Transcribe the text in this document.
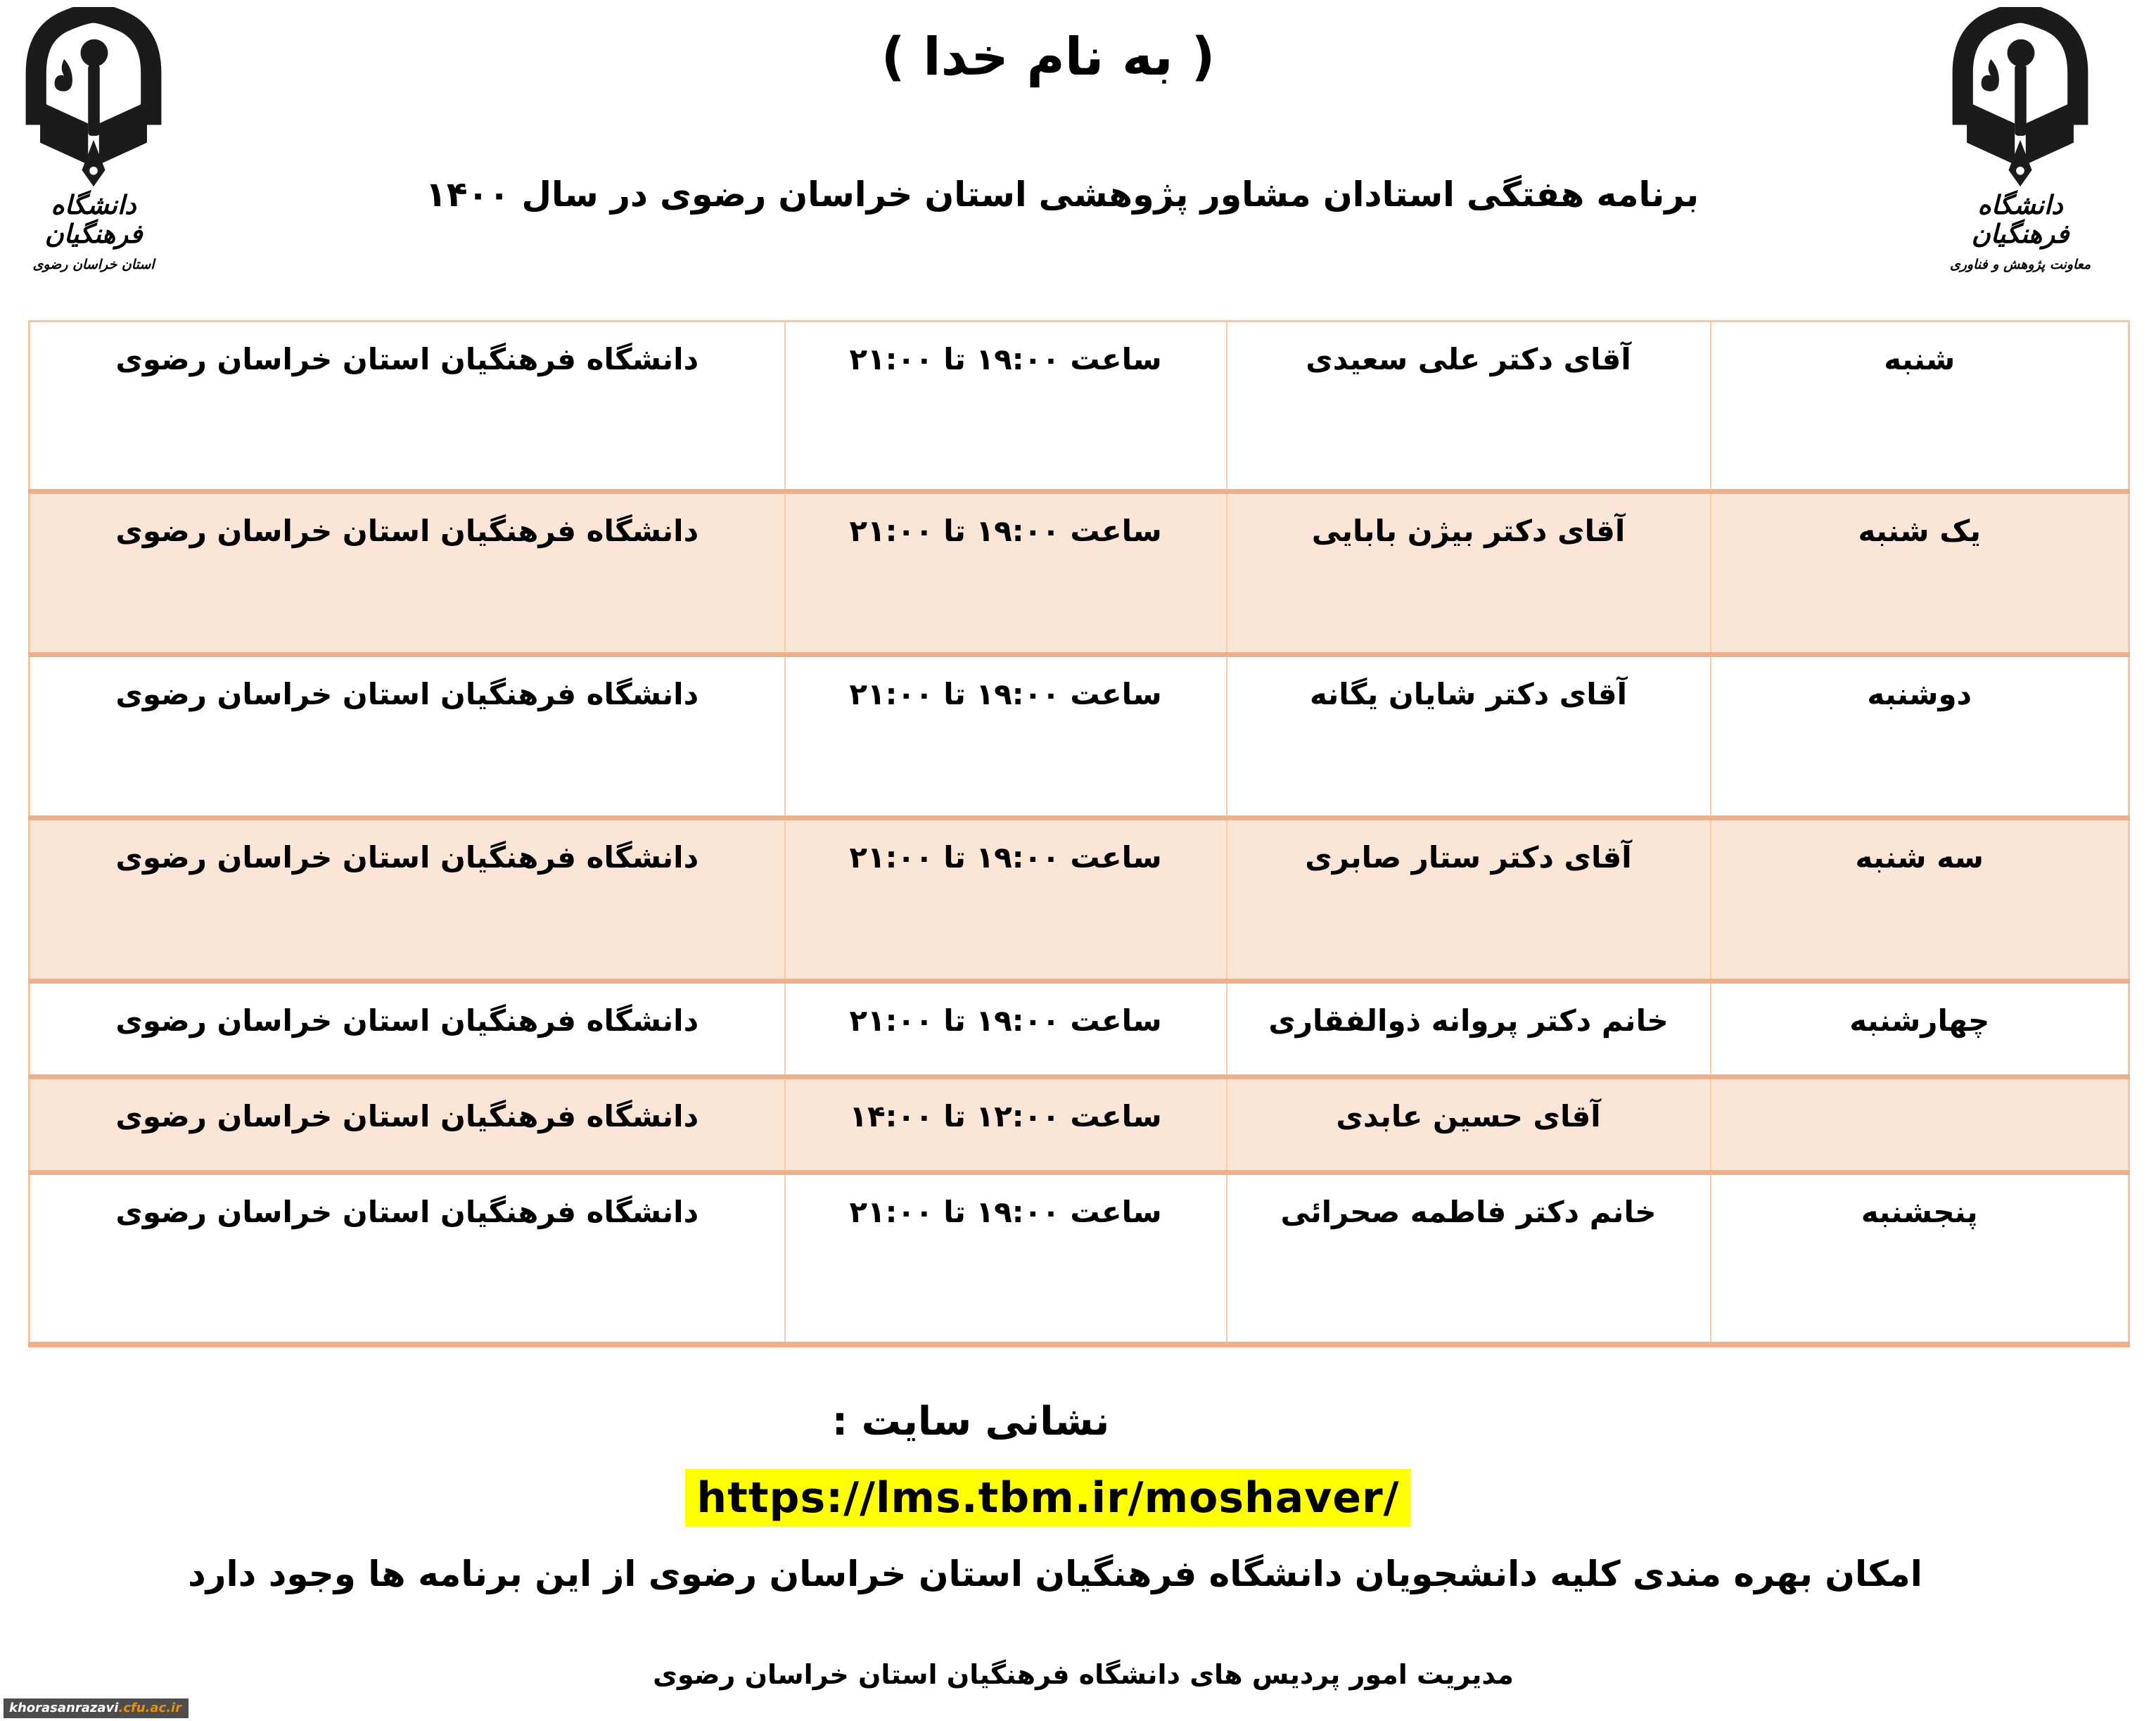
دانشگاه فرهنگیان
استان خراسان رضوی
دانشگاه فرهنگیان
معاونت پژوهش و فناوری
( به نام خدا )
برنامه هفتگی استادان مشاور پژوهشی استان خراسان رضوی در سال ۱۴۰۰
شنبه	آقای دکتر علی سعیدی	ساعت ۱۹:۰۰ تا ۲۱:۰۰	دانشگاه فرهنگیان استان خراسان رضوی
یک شنبه	آقای دکتر بیژن بابایی	ساعت ۱۹:۰۰ تا ۲۱:۰۰	دانشگاه فرهنگیان استان خراسان رضوی
دوشنبه	آقای دکتر شایان یگانه	ساعت ۱۹:۰۰ تا ۲۱:۰۰	دانشگاه فرهنگیان استان خراسان رضوی
سه شنبه	آقای دکتر ستار صابری	ساعت ۱۹:۰۰ تا ۲۱:۰۰	دانشگاه فرهنگیان استان خراسان رضوی
چهارشنبه	خانم دکتر پروانه ذوالفقاری	ساعت ۱۹:۰۰ تا ۲۱:۰۰	دانشگاه فرهنگیان استان خراسان رضوی
	آقای حسین عابدی	ساعت ۱۲:۰۰ تا ۱۴:۰۰	دانشگاه فرهنگیان استان خراسان رضوی
پنجشنبه	خانم دکتر فاطمه صحرائی	ساعت ۱۹:۰۰ تا ۲۱:۰۰	دانشگاه فرهنگیان استان خراسان رضوی
نشانی سایت :
https://lms.tbm.ir/moshaver/
امکان بهره مندی کلیه دانشجویان دانشگاه فرهنگیان استان خراسان رضوی از این برنامه ها وجود دارد
مدیریت امور پردیس های دانشگاه فرهنگیان استان خراسان رضوی
khorasanrazavi.cfu.ac.ir
